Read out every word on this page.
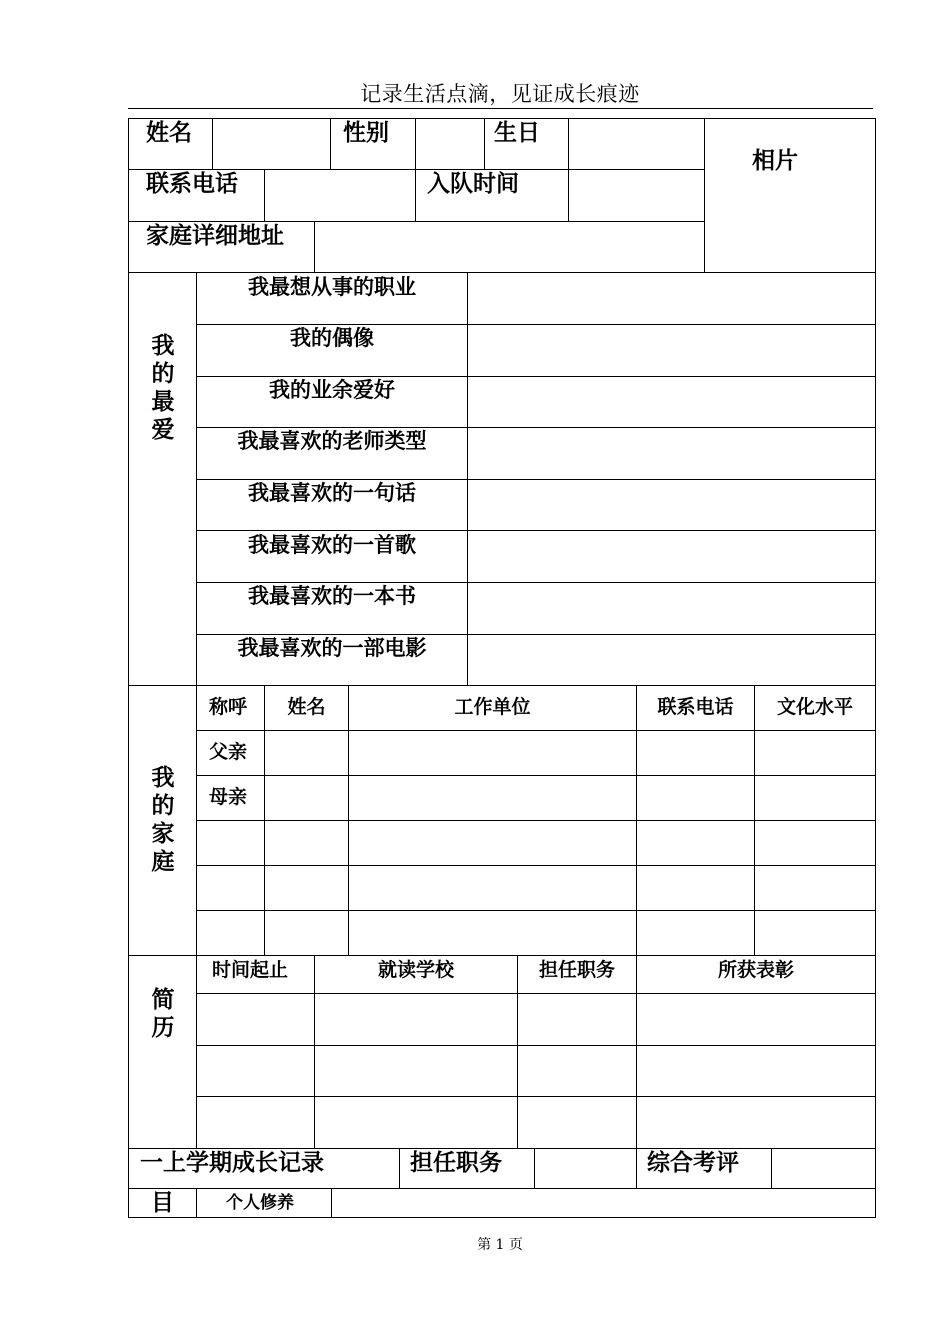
记录生活点滴，见证成长痕迹
姓名	性别	生日
相片
联系电话	入队时间
家庭详细地址
我的最爱
我最想从事的职业
我的偶像
我的业余爱好
我最喜欢的老师类型
我最喜欢的一句话
我最喜欢的一首歌
我最喜欢的一本书
我最喜欢的一部电影
我的家庭
称呼	姓名	工作单位	联系电话	文化水平
父亲
母亲
简历
时间起止	就读学校	担任职务	所获表彰
一上学期成长记录	担任职务	综合考评
目	个人修养
第 1 页
